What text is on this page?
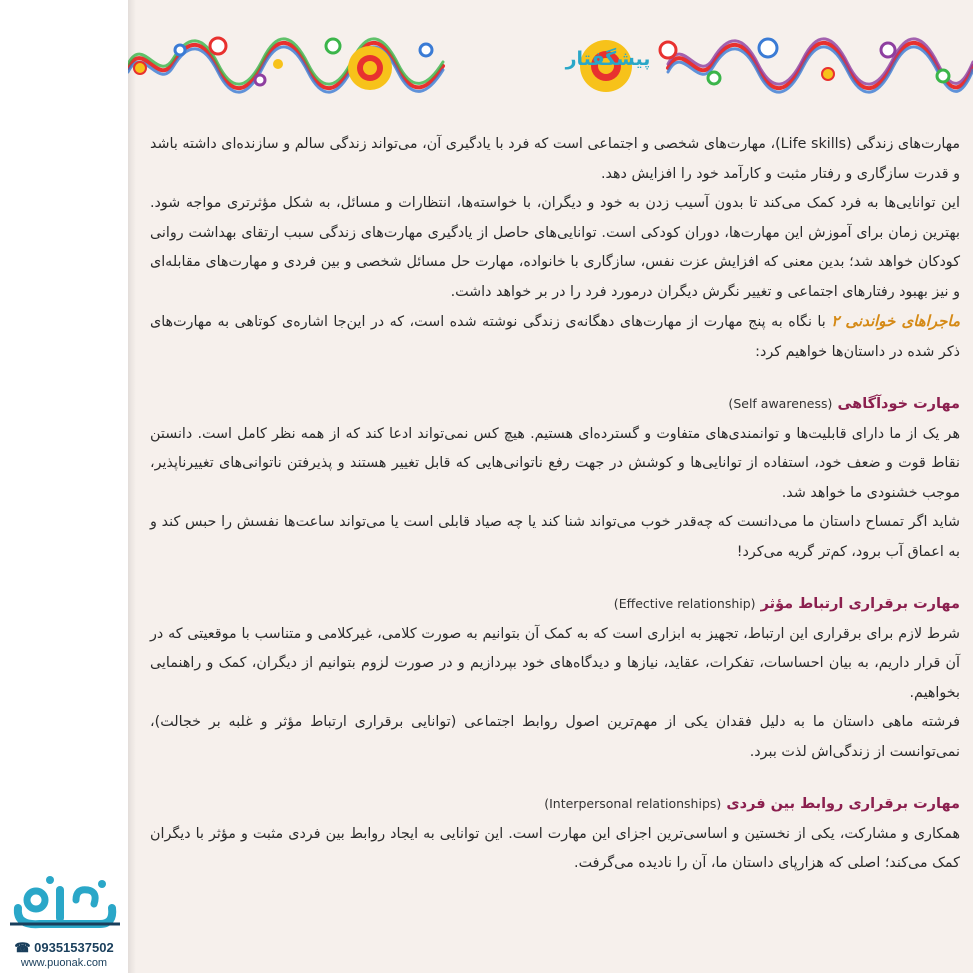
پیشگفتار

مهارت‌های زندگی (Life skills)، مهارت‌های شخصی و اجتماعی است که فرد با یادگیری آن، می‌تواند زندگی سالم و سازنده‌ای داشته باشد و قدرت سازگاری و رفتار مثبت و کارآمد خود را افزایش دهد.

این توانایی‌ها به فرد کمک می‌کند تا بدون آسیب زدن به خود و دیگران، با خواسته‌ها، انتظارات و مسائل، به شکل مؤثرتری مواجه شود. بهترین زمان برای آموزش این مهارت‌ها، دوران کودکی است. توانایی‌های حاصل از یادگیری مهارت‌های زندگی سبب ارتقای بهداشت روانی کودکان خواهد شد؛ بدین معنی که افزایش عزت نفس، سازگاری با خانواده، مهارت حل مسائل شخصی و بین فردی و مهارت‌های مقابله‌ای و نیز بهبود رفتارهای اجتماعی و تغییر نگرش دیگران درمورد فرد را در بر خواهد داشت.

ماجراهای خواندنی ۲ با نگاه به پنج مهارت از مهارت‌های دهگانه‌ی زندگی نوشته شده است، که در این‌جا اشاره‌ی کوتاهی به مهارت‌های ذکر شده در داستان‌ها خواهیم کرد:

مهارت خودآگاهی (Self awareness)

هر یک از ما دارای قابلیت‌ها و توانمندی‌های متفاوت و گسترده‌ای هستیم. هیچ کس نمی‌تواند ادعا کند که از همه نظر کامل است. دانستن نقاط قوت و ضعف خود، استفاده از توانایی‌ها و کوشش در جهت رفع ناتوانی‌هایی که قابل تغییر هستند و پذیرفتن ناتوانی‌های تغییرناپذیر، موجب خشنودی ما خواهد شد.

شاید اگر تمساح داستان ما می‌دانست که چه‌قدر خوب می‌تواند شنا کند یا چه صیاد قابلی است یا می‌تواند ساعت‌ها نفسش را حبس کند و به اعماق آب برود، کم‌تر گریه می‌کرد!

مهارت برقراری ارتباط مؤثر (Effective relationship)

شرط لازم برای برقراری این ارتباط، تجهیز به ابزاری است که به کمک آن بتوانیم به صورت کلامی، غیرکلامی و متناسب با موقعیتی که در آن قرار داریم، به بیان احساسات، تفکرات، عقاید، نیازها و دیدگاه‌های خود بپردازیم و در صورت لزوم بتوانیم از دیگران، کمک و راهنمایی بخواهیم.

فرشته ماهی داستان ما به دلیل فقدان یکی از مهم‌ترین اصول روابط اجتماعی (توانایی برقراری ارتباط مؤثر و غلبه بر خجالت)، نمی‌توانست از زندگی‌اش لذت ببرد.

مهارت برقراری روابط بین فردی (Interpersonal relationships)

همکاری و مشارکت، یکی از نخستین و اساسی‌ترین اجزای این مهارت است. این توانایی به ایجاد روابط بین فردی مثبت و مؤثر با دیگران کمک می‌کند؛ اصلی که هزارپای داستان ما، آن را نادیده می‌گرفت.

☎ 09351537502
www.puonak.com
